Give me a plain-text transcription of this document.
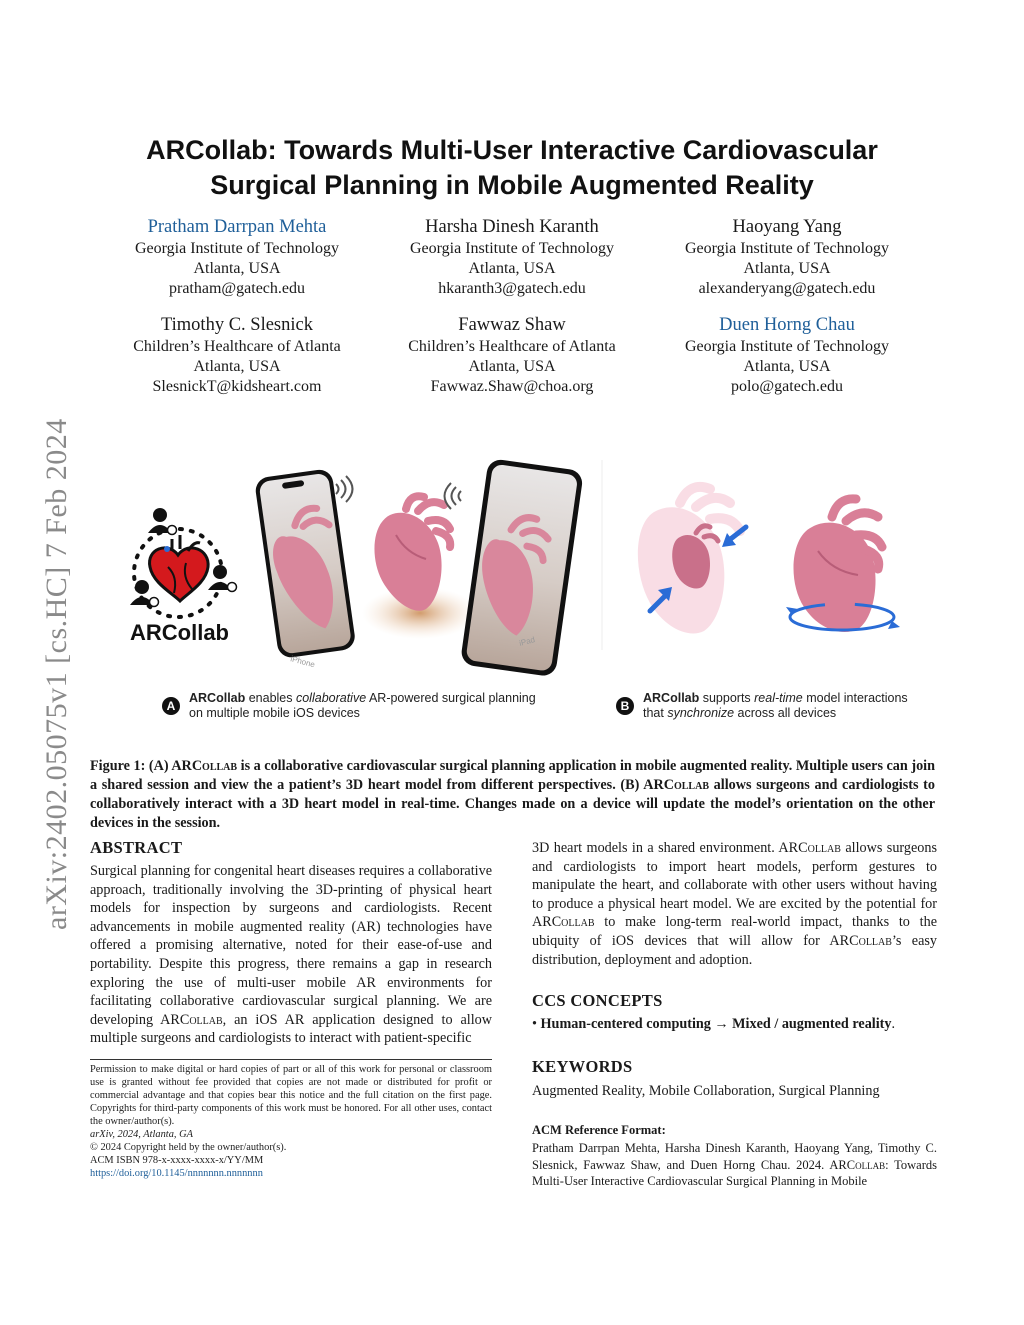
arXiv:2402.05075v1 [cs.HC] 7 Feb 2024
ARCollab: Towards Multi-User Interactive Cardiovascular
Surgical Planning in Mobile Augmented Reality
Pratham Darrpan Mehta
Georgia Institute of Technology
Atlanta, USA
pratham@gatech.edu
Harsha Dinesh Karanth
Georgia Institute of Technology
Atlanta, USA
hkaranth3@gatech.edu
Haoyang Yang
Georgia Institute of Technology
Atlanta, USA
alexanderyang@gatech.edu
Timothy C. Slesnick
Children’s Healthcare of Atlanta
Atlanta, USA
SlesnickT@kidsheart.com
Fawwaz Shaw
Children’s Healthcare of Atlanta
Atlanta, USA
Fawwaz.Shaw@choa.org
Duen Horng Chau
Georgia Institute of Technology
Atlanta, USA
polo@gatech.edu
ARCollab
iPhone
iPad
A
ARCollab enables collaborative AR-powered surgical planning
on multiple mobile iOS devices	B
ARCollab supports real-time model interactions
that synchronize across all devices
Figure 1: (A) ARCollab is a collaborative cardiovascular surgical planning application in mobile augmented reality. Multiple users can join a shared session and view the a patient’s 3D heart model from different perspectives. (B) ARCollab allows surgeons and cardiologists to collaboratively interact with a 3D heart model in real-time. Changes made on a device will update the model’s orientation on the other devices in the session.
ABSTRACT

Surgical planning for congenital heart diseases requires a collaborative approach, traditionally involving the 3D-printing of physical heart models for inspection by surgeons and cardiologists. Recent advancements in mobile augmented reality (AR) technologies have offered a promising alternative, noted for their ease-of-use and portability. Despite this progress, there remains a gap in research exploring the use of multi-user mobile AR environments for facilitating collaborative cardiovascular surgical planning. We are developing ARCollab, an iOS AR application designed to allow multiple surgeons and cardiologists to interact with patient-specific

3D heart models in a shared environment. ARCollab allows surgeons and cardiologists to import heart models, perform gestures to manipulate the heart, and collaborate with other users without having to produce a physical heart model. We are excited by the potential for ARCollab to make long-term real-world impact, thanks to the ubiquity of iOS devices that will allow for ARCollab’s easy distribution, deployment and adoption.

CCS CONCEPTS
• Human-centered computing → Mixed / augmented reality.
KEYWORDS
Augmented Reality, Mobile Collaboration, Surgical Planning
ACM Reference Format:
Pratham Darrpan Mehta, Harsha Dinesh Karanth, Haoyang Yang, Timothy C. Slesnick, Fawwaz Shaw, and Duen Horng Chau. 2024. ARCollab: Towards Multi-User Interactive Cardiovascular Surgical Planning in Mobile
Permission to make digital or hard copies of part or all of this work for personal or classroom use is granted without fee provided that copies are not made or distributed for profit or commercial advantage and that copies bear this notice and the full citation on the first page. Copyrights for third-party components of this work must be honored. For all other uses, contact the owner/author(s).
arXiv, 2024, Atlanta, GA
© 2024 Copyright held by the owner/author(s).
ACM ISBN 978-x-xxxx-xxxx-x/YY/MM
https://doi.org/10.1145/nnnnnnn.nnnnnnn
